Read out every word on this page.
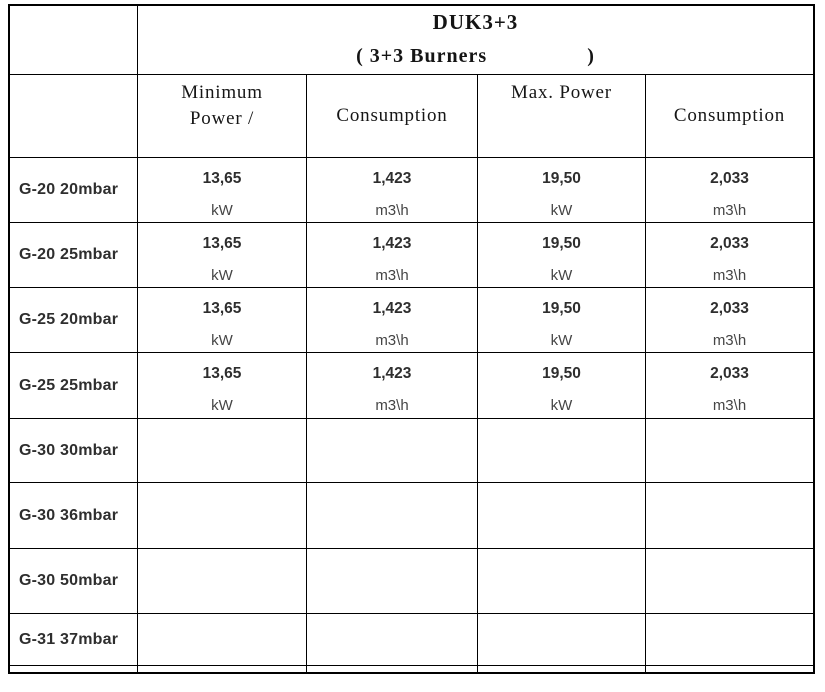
DUK3+3
( 3+3 Burners	)
Minimum
Power /	Consumption
Max. Power
Consumption
G-20 20mbar
13,65
kW
1,423
m3\h
19,50
kW
2,033
m3\h
G-20 25mbar
13,65
kW
1,423
m3\h
19,50
kW
2,033
m3\h
G-25 20mbar
13,65
kW
1,423
m3\h
19,50
kW
2,033
m3\h
G-25 25mbar
13,65
kW
1,423
m3\h
19,50
kW
2,033
m3\h
G-30 30mbar
G-30 36mbar
G-30 50mbar
G-31 37mbar
